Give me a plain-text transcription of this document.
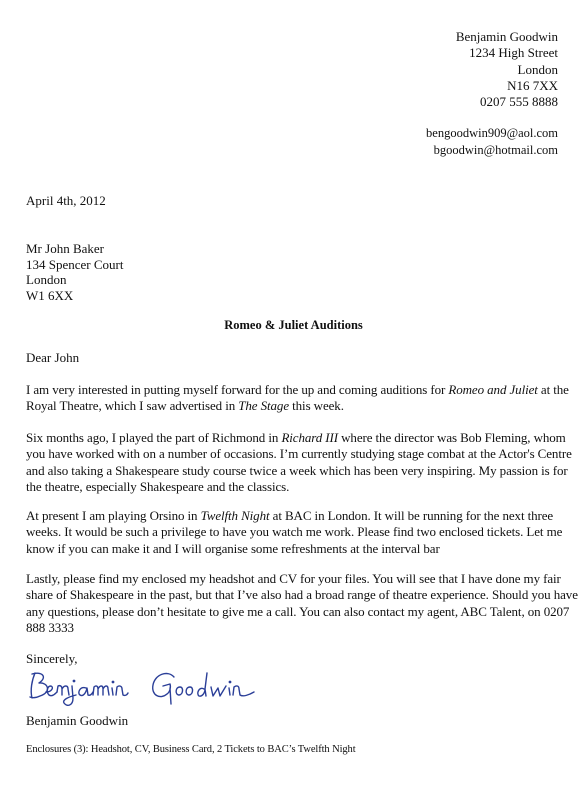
Benjamin Goodwin
1234 High Street
London
N16 7XX
0207 555 8888
bengoodwin909@aol.com
bgoodwin@hotmail.com
April 4th, 2012
Mr John Baker
134 Spencer Court
London
W1 6XX
Romeo & Juliet Auditions
Dear John

I am very interested in putting myself forward for the up and coming auditions for Romeo and Juliet at the Royal Theatre, which I saw advertised in The Stage this week.

Six months ago, I played the part of Richmond in Richard III where the director was Bob Fleming, whom you have worked with on a number of occasions. I’m currently studying stage combat at the Actor's Centre and also taking a Shakespeare study course twice a week which has been very inspiring. My passion is for the theatre, especially Shakespeare and the classics.

At present I am playing Orsino in Twelfth Night at BAC in London. It will be running for the next three weeks. It would be such a privilege to have you watch me work. Please find two enclosed tickets. Let me know if you can make it and I will organise some refreshments at the interval bar

Lastly, please find my enclosed my headshot and CV for your files. You will see that I have done my fair share of Shakespeare in the past, but that I’ve also had a broad range of theatre experience. Should you have any questions, please don’t hesitate to give me a call. You can also contact my agent, ABC Talent, on 0207 888 3333

Sincerely,
Benjamin Goodwin
Enclosures (3): Headshot, CV, Business Card, 2 Tickets to BAC’s Twelfth Night
